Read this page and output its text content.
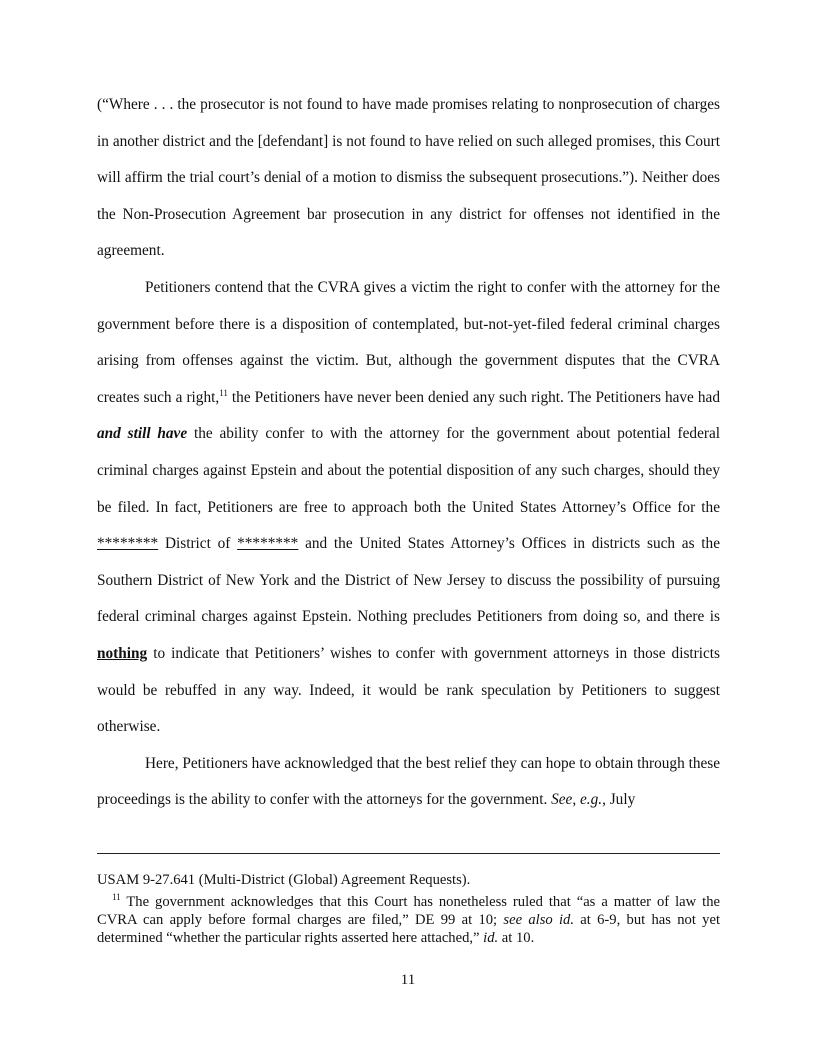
(“Where . . . the prosecutor is not found to have made promises relating to nonprosecution of charges in another district and the [defendant] is not found to have relied on such alleged promises, this Court will affirm the trial court’s denial of a motion to dismiss the subsequent prosecutions.”). Neither does the Non-Prosecution Agreement bar prosecution in any district for offenses not identified in the agreement.

Petitioners contend that the CVRA gives a victim the right to confer with the attorney for the government before there is a disposition of contemplated, but-not-yet-filed federal criminal charges arising from offenses against the victim. But, although the government disputes that the CVRA creates such a right,$^{11}$ the Petitioners have never been denied any such right. The Petitioners have had and still have the ability confer to with the attorney for the government about potential federal criminal charges against Epstein and about the potential disposition of any such charges, should they be filed. In fact, Petitioners are free to approach both the United States Attorney’s Office for the ******** District of ******** and the United States Attorney’s Offices in districts such as the Southern District of New York and the District of New Jersey to discuss the possibility of pursuing federal criminal charges against Epstein. Nothing precludes Petitioners from doing so, and there is nothing to indicate that Petitioners’ wishes to confer with government attorneys in those districts would be rebuffed in any way. Indeed, it would be rank speculation by Petitioners to suggest otherwise.

Here, Petitioners have acknowledged that the best relief they can hope to obtain through these proceedings is the ability to confer with the attorneys for the government. See, e.g., July

USAM 9-27.641 (Multi-District (Global) Agreement Requests).

$^{11}$ The government acknowledges that this Court has nonetheless ruled that “as a matter of law the CVRA can apply before formal charges are filed,” DE 99 at 10; see also id. at 6-9, but has not yet determined “whether the particular rights asserted here attached,” id. at 10.

11
